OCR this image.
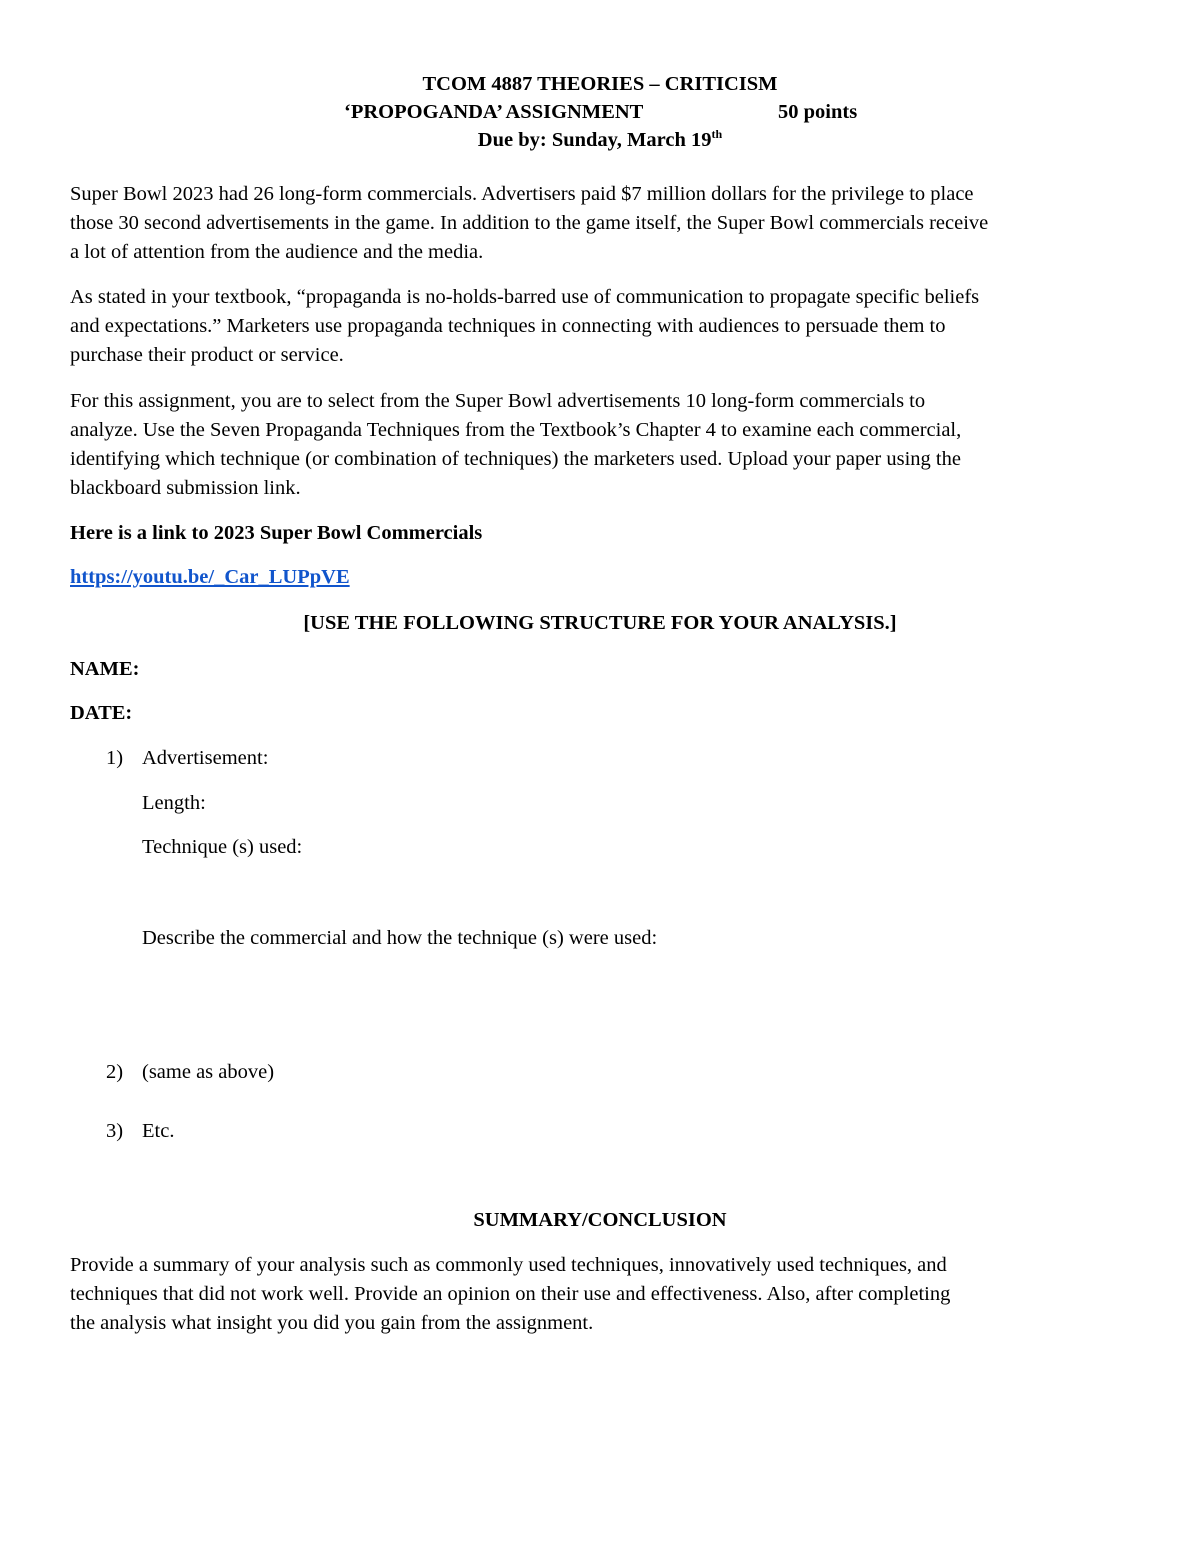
TCOM 4887 THEORIES – CRITICISM
‘PROPOGANDA’ ASSIGNMENT	50 points
Due by: Sunday, March 19th
Super Bowl 2023 had 26 long-form commercials. Advertisers paid $7 million dollars for the privilege to place
those 30 second advertisements in the game. In addition to the game itself, the Super Bowl commercials receive
a lot of attention from the audience and the media.
As stated in your textbook, “propaganda is no-holds-barred use of communication to propagate specific beliefs
and expectations.” Marketers use propaganda techniques in connecting with audiences to persuade them to
purchase their product or service.
For this assignment, you are to select from the Super Bowl advertisements 10 long-form commercials to
analyze. Use the Seven Propaganda Techniques from the Textbook’s Chapter 4 to examine each commercial,
identifying which technique (or combination of techniques) the marketers used. Upload your paper using the
blackboard submission link.
Here is a link to 2023 Super Bowl Commercials
https://youtu.be/_Car_LUPpVE
[USE THE FOLLOWING STRUCTURE FOR YOUR ANALYSIS.]
NAME:
DATE:
1) Advertisement:
Length:
Technique (s) used:
Describe the commercial and how the technique (s) were used:
2) (same as above)
3) Etc.
SUMMARY/CONCLUSION
Provide a summary of your analysis such as commonly used techniques, innovatively used techniques, and
techniques that did not work well. Provide an opinion on their use and effectiveness. Also, after completing
the analysis what insight you did you gain from the assignment.
